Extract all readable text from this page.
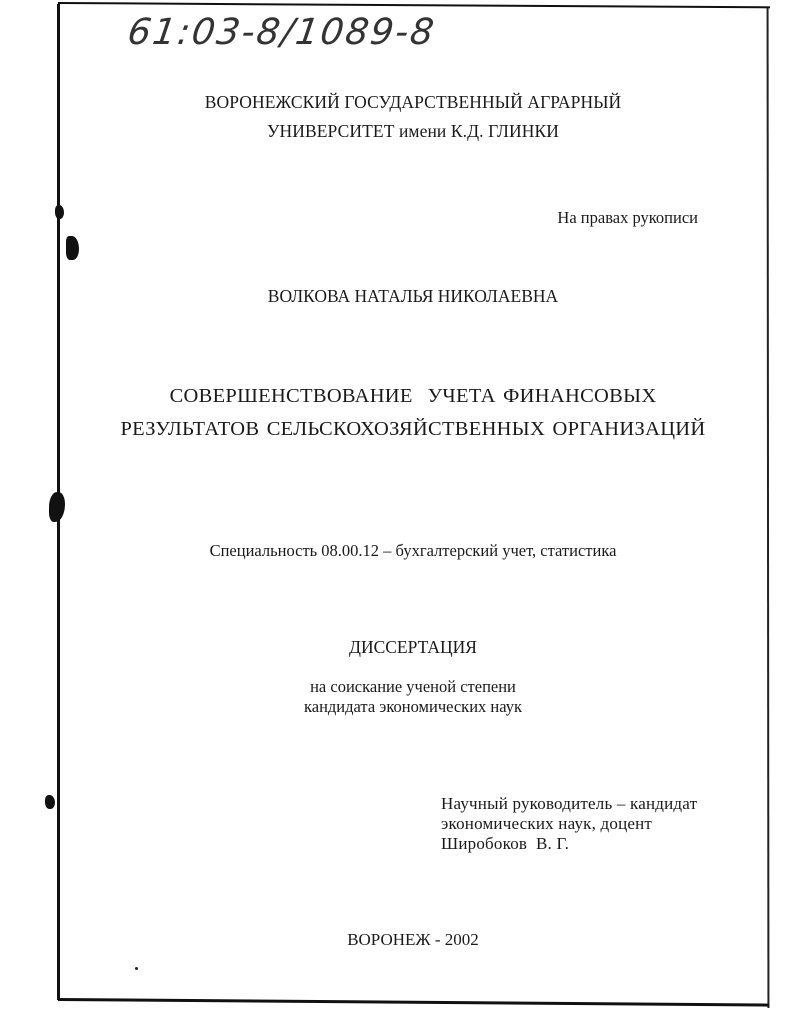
61:03-8/1089-8
ВОРОНЕЖСКИЙ ГОСУДАРСТВЕННЫЙ АГРАРНЫЙ
УНИВЕРСИТЕТ имени К.Д. ГЛИНКИ
На правах рукописи
ВОЛКОВА НАТАЛЬЯ НИКОЛАЕВНА
СОВЕРШЕНСТВОВАНИЕ  УЧЕТА ФИНАНСОВЫХ
РЕЗУЛЬТАТОВ СЕЛЬСКОХОЗЯЙСТВЕННЫХ ОРГАНИЗАЦИЙ
Специальность 08.00.12 – бухгалтерский учет, статистика
ДИССЕРТАЦИЯ
на соискание ученой степени
кандидата экономических наук
Научный руководитель – кандидат
экономических наук, доцент
Широбоков  В. Г.
ВОРОНЕЖ - 2002
